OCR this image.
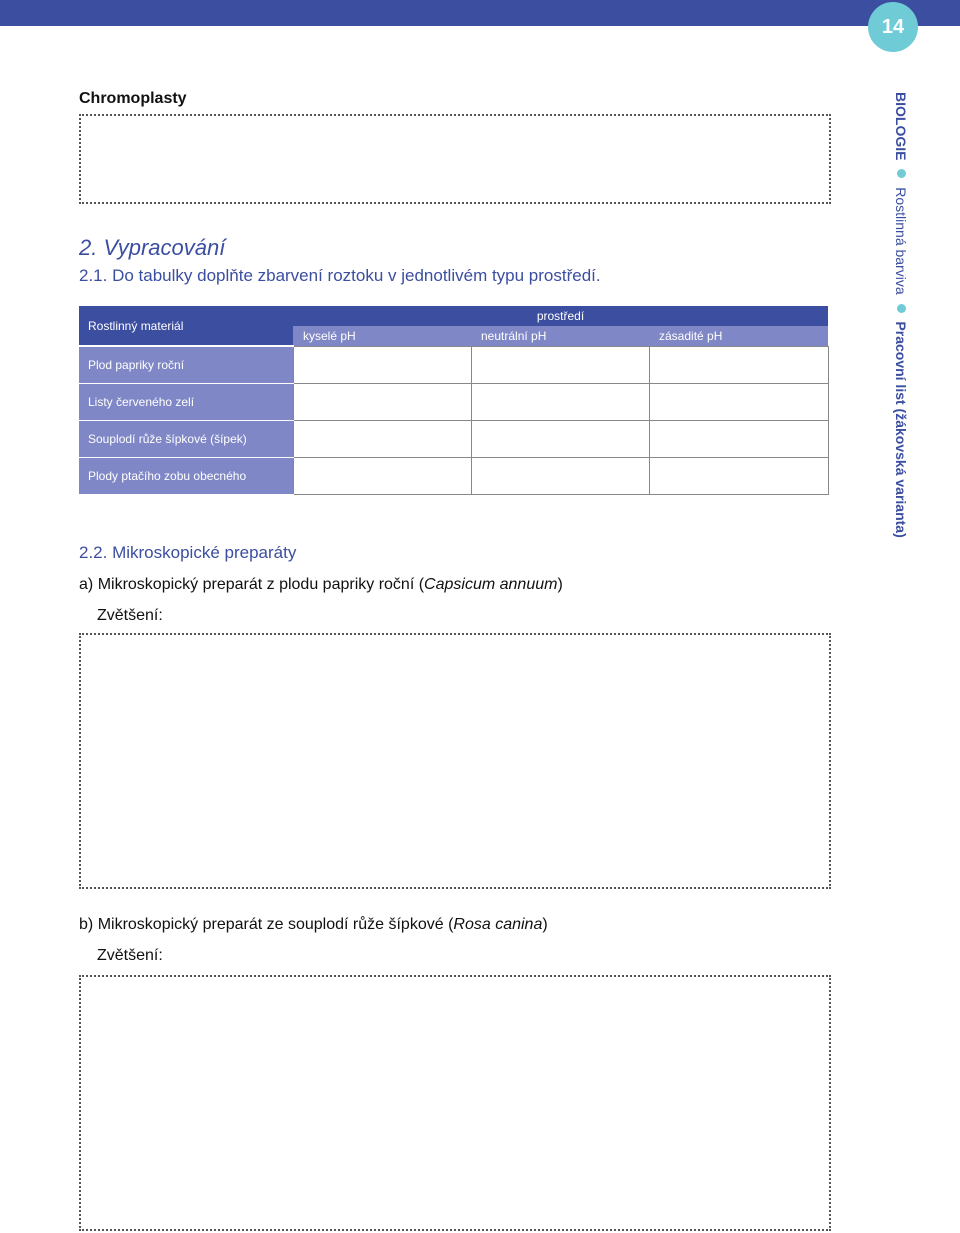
14
Chromoplasty
2. Vypracování
2.1. Do tabulky doplňte zbarvení roztoku v jednotlivém typu prostředí.
Rostlinný materiál	prostředí		
	kyselé pH	neutrální pH	zásadité pH
Plod papriky roční			
Listy červeného zelí			
Souplodí růže šípkové (šípek)			
Plody ptačího zobu obecného			
2.2. Mikroskopické preparáty
a) Mikroskopický preparát z plodu papriky roční (Capsicum annuum)
Zvětšení:
b) Mikroskopický preparát ze souplodí růže šípkové (Rosa canina)
Zvětšení:
BIOLOGIE  Rostlinná barviva  Pracovní list (žákovská varianta)
